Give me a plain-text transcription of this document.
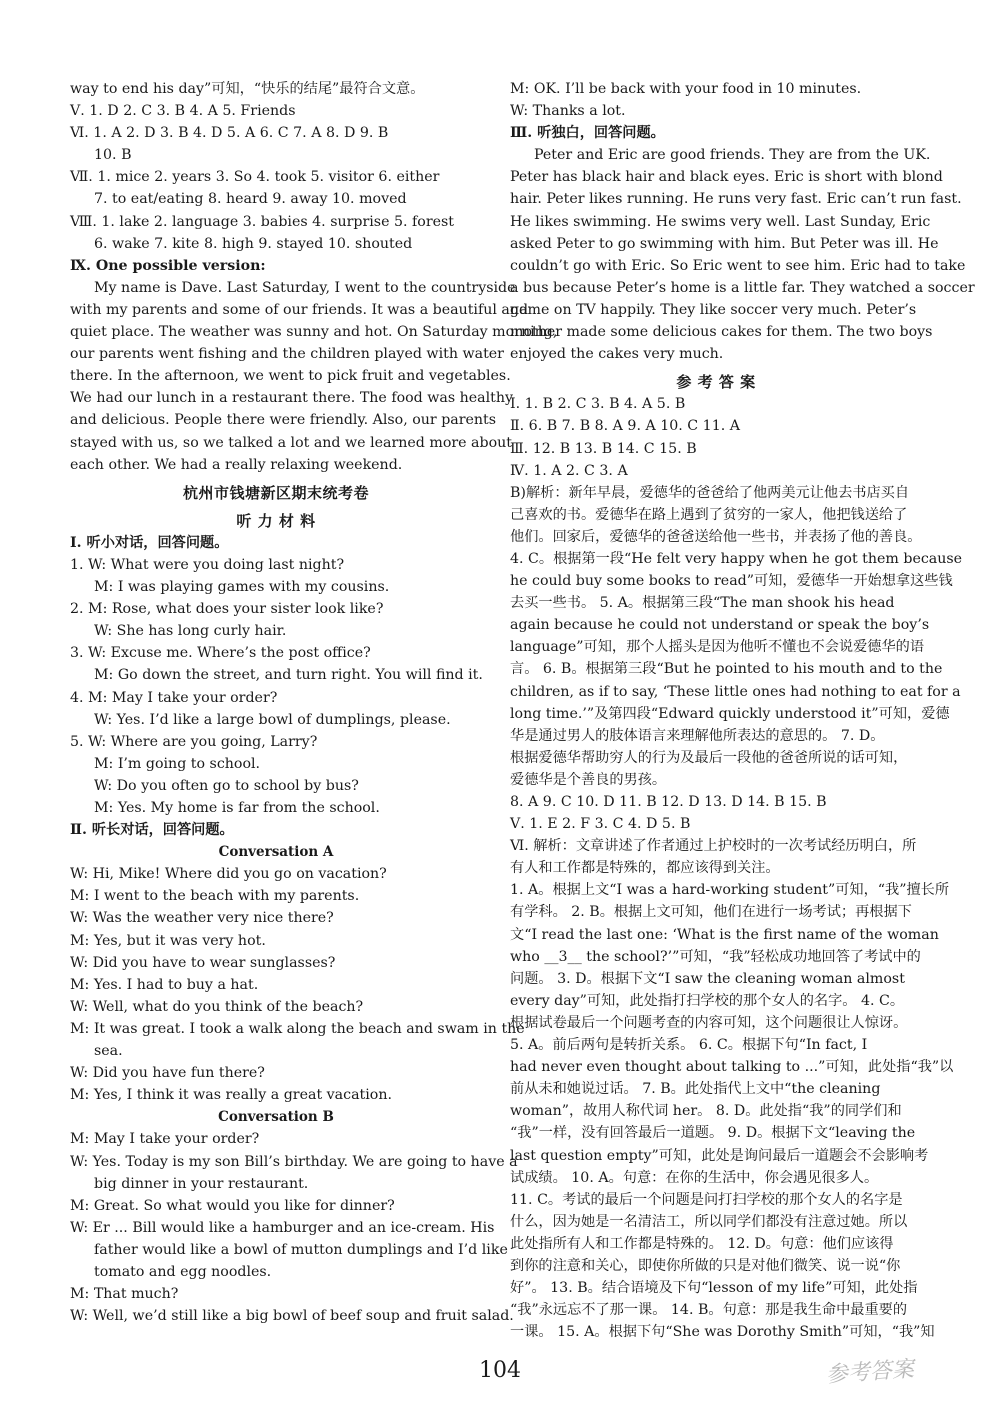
way to end his day”可知，“快乐的结尾”最符合文意。
Ⅴ. 1. D 2. C 3. B 4. A 5. Friends
Ⅵ. 1. A 2. D 3. B 4. D 5. A 6. C 7. A 8. D 9. B
10. B
Ⅶ. 1. mice 2. years 3. So 4. took 5. visitor 6. either
7. to eat/eating 8. heard 9. away 10. moved
Ⅷ. 1. lake 2. language 3. babies 4. surprise 5. forest
6. wake 7. kite 8. high 9. stayed 10. shouted
Ⅸ. One possible version:
My name is Dave. Last Saturday, I went to the countryside
with my parents and some of our friends. It was a beautiful and
quiet place. The weather was sunny and hot. On Saturday morning,
our parents went fishing and the children played with water
there. In the afternoon, we went to pick fruit and vegetables.
We had our lunch in a restaurant there. The food was healthy
and delicious. People there were friendly. Also, our parents
stayed with us, so we talked a lot and we learned more about
each other. We had a really relaxing weekend.
杭州市钱塘新区期末统考卷
听 力 材 料
Ⅰ. 听小对话，回答问题。
1. W: What were you doing last night?
M: I was playing games with my cousins.
2. M: Rose, what does your sister look like?
W: She has long curly hair.
3. W: Excuse me. Where’s the post office?
M: Go down the street, and turn right. You will find it.
4. M: May I take your order?
W: Yes. I’d like a large bowl of dumplings, please.
5. W: Where are you going, Larry?
M: I’m going to school.
W: Do you often go to school by bus?
M: Yes. My home is far from the school.
Ⅱ. 听长对话，回答问题。
Conversation A
W: Hi, Mike! Where did you go on vacation?
M: I went to the beach with my parents.
W: Was the weather very nice there?
M: Yes, but it was very hot.
W: Did you have to wear sunglasses?
M: Yes. I had to buy a hat.
W: Well, what do you think of the beach?
M: It was great. I took a walk along the beach and swam in the
sea.
W: Did you have fun there?
M: Yes, I think it was really a great vacation.
Conversation B
M: May I take your order?
W: Yes. Today is my son Bill’s birthday. We are going to have a
big dinner in your restaurant.
M: Great. So what would you like for dinner?
W: Er ... Bill would like a hamburger and an ice-cream. His
father would like a bowl of mutton dumplings and I’d like
tomato and egg noodles.
M: That much?
W: Well, we’d still like a big bowl of beef soup and fruit salad.
M: OK. I’ll be back with your food in 10 minutes.
W: Thanks a lot.
Ⅲ. 听独白，回答问题。
Peter and Eric are good friends. They are from the UK.
Peter has black hair and black eyes. Eric is short with blond
hair. Peter likes running. He runs very fast. Eric can’t run fast.
He likes swimming. He swims very well. Last Sunday, Eric
asked Peter to go swimming with him. But Peter was ill. He
couldn’t go with Eric. So Eric went to see him. Eric had to take
a bus because Peter’s home is a little far. They watched a soccer
game on TV happily. They like soccer very much. Peter’s
mother made some delicious cakes for them. The two boys
enjoyed the cakes very much.
参 考 答 案
Ⅰ. 1. B 2. C 3. B 4. A 5. B
Ⅱ. 6. B 7. B 8. A 9. A 10. C 11. A
Ⅲ. 12. B 13. B 14. C 15. B
Ⅳ. 1. A 2. C 3. A
B)解析：新年早晨，爱德华的爸爸给了他两美元让他去书店买自
己喜欢的书。爱德华在路上遇到了贫穷的一家人，他把钱送给了
他们。回家后，爱德华的爸爸送给他一些书，并表扬了他的善良。
4. C。根据第一段“He felt very happy when he got them because
he could buy some books to read”可知，爱德华一开始想拿这些钱
去买一些书。 5. A。根据第三段“The man shook his head
again because he could not understand or speak the boy’s
language”可知，那个人摇头是因为他听不懂也不会说爱德华的语
言。 6. B。根据第三段“But he pointed to his mouth and to the
children, as if to say, ‘These little ones had nothing to eat for a
long time.’”及第四段“Edward quickly understood it”可知，爱德
华是通过男人的肢体语言来理解他所表达的意思的。 7. D。
根据爱德华帮助穷人的行为及最后一段他的爸爸所说的话可知，
爱德华是个善良的男孩。
8. A 9. C 10. D 11. B 12. D 13. D 14. B 15. B
Ⅴ. 1. E 2. F 3. C 4. D 5. B
Ⅵ. 解析：文章讲述了作者通过上护校时的一次考试经历明白，所
有人和工作都是特殊的，都应该得到关注。
1. A。根据上文“I was a hard-working student”可知，“我”擅长所
有学科。 2. B。根据上文可知，他们在进行一场考试；再根据下
文“I read the last one: ‘What is the first name of the woman
who __3__ the school?’”可知，“我”轻松成功地回答了考试中的
问题。 3. D。根据下文“I saw the cleaning woman almost
every day”可知，此处指打扫学校的那个女人的名字。 4. C。
根据试卷最后一个问题考查的内容可知，这个问题很让人惊讶。
5. A。前后两句是转折关系。 6. C。根据下句“In fact, I
had never even thought about talking to ...”可知，此处指“我”以
前从未和她说过话。 7. B。此处指代上文中“the cleaning
woman”，故用人称代词 her。 8. D。此处指“我”的同学们和
“我”一样，没有回答最后一道题。 9. D。根据下文“leaving the
last question empty”可知，此处是询问最后一道题会不会影响考
试成绩。 10. A。句意：在你的生活中，你会遇见很多人。
11. C。考试的最后一个问题是问打扫学校的那个女人的名字是
什么，因为她是一名清洁工，所以同学们都没有注意过她。所以
此处指所有人和工作都是特殊的。 12. D。句意：他们应该得
到你的注意和关心，即使你所做的只是对他们微笑、说一说“你
好”。 13. B。结合语境及下句“lesson of my life”可知，此处指
“我”永远忘不了那一课。 14. B。句意：那是我生命中最重要的
一课。 15. A。根据下句“She was Dorothy Smith”可知，“我”知
104	参考答案
